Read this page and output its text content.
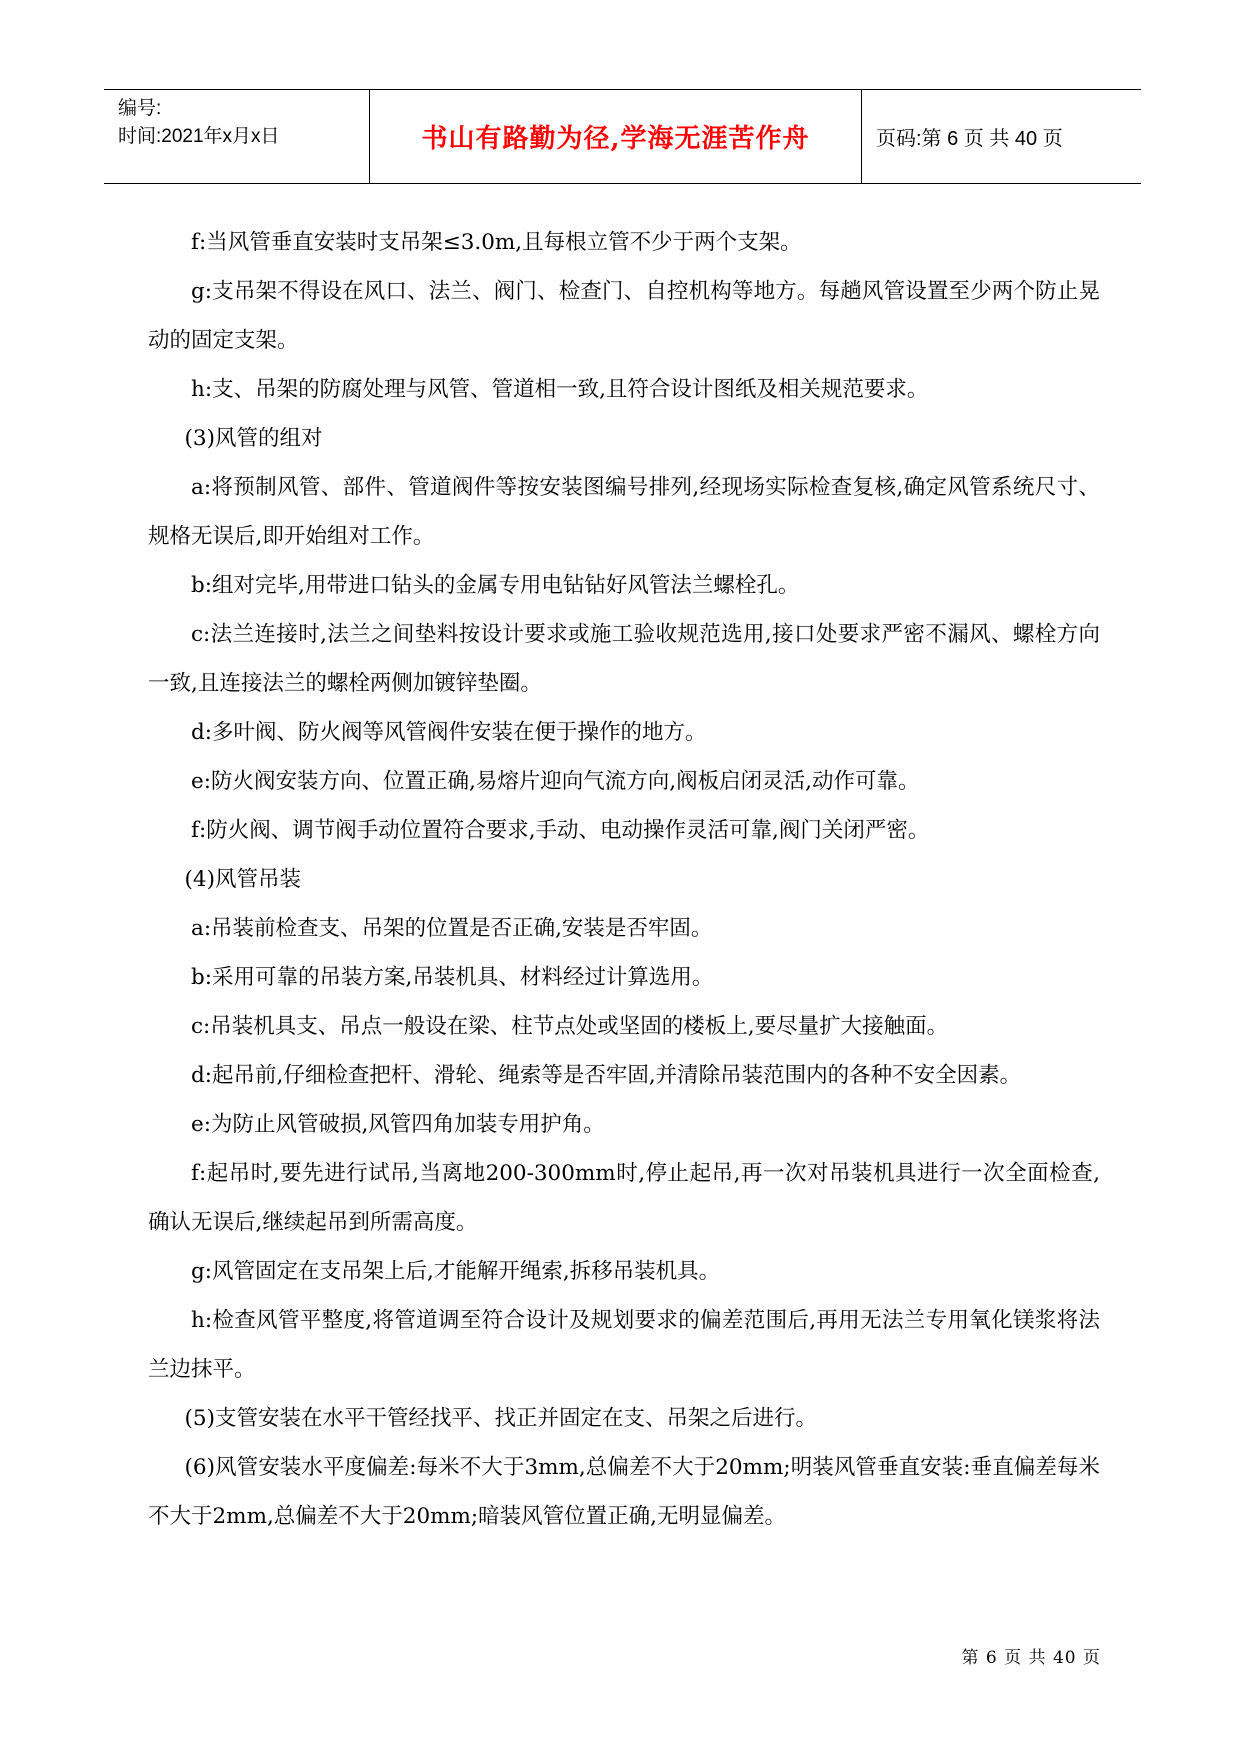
编号:
时间:2021年x月x日	书山有路勤为径,学海无涯苦作舟	页码:第 6 页 共 40 页

f:当风管垂直安装时支吊架≤3.0m,且每根立管不少于两个支架。

g:支吊架不得设在风口、法兰、阀门、检查门、自控机构等地方。每趟风管设置至少两个防止晃动的固定支架。

h:支、吊架的防腐处理与风管、管道相一致,且符合设计图纸及相关规范要求。

(3)风管的组对

a:将预制风管、部件、管道阀件等按安装图编号排列,经现场实际检查复核,确定风管系统尺寸、规格无误后,即开始组对工作。

b:组对完毕,用带进口钻头的金属专用电钻钻好风管法兰螺栓孔。

c:法兰连接时,法兰之间垫料按设计要求或施工验收规范选用,接口处要求严密不漏风、螺栓方向一致,且连接法兰的螺栓两侧加镀锌垫圈。

d:多叶阀、防火阀等风管阀件安装在便于操作的地方。

e:防火阀安装方向、位置正确,易熔片迎向气流方向,阀板启闭灵活,动作可靠。

f:防火阀、调节阀手动位置符合要求,手动、电动操作灵活可靠,阀门关闭严密。

(4)风管吊装

a:吊装前检查支、吊架的位置是否正确,安装是否牢固。

b:采用可靠的吊装方案,吊装机具、材料经过计算选用。

c:吊装机具支、吊点一般设在梁、柱节点处或坚固的楼板上,要尽量扩大接触面。

d:起吊前,仔细检查把杆、滑轮、绳索等是否牢固,并清除吊装范围内的各种不安全因素。

e:为防止风管破损,风管四角加装专用护角。

f:起吊时,要先进行试吊,当离地200-300mm时,停止起吊,再一次对吊装机具进行一次全面检查,确认无误后,继续起吊到所需高度。

g:风管固定在支吊架上后,才能解开绳索,拆移吊装机具。

h:检查风管平整度,将管道调至符合设计及规划要求的偏差范围后,再用无法兰专用氧化镁浆将法兰边抹平。

(5)支管安装在水平干管经找平、找正并固定在支、吊架之后进行。

(6)风管安装水平度偏差:每米不大于3mm,总偏差不大于20mm;明装风管垂直安装:垂直偏差每米不大于2mm,总偏差不大于20mm;暗装风管位置正确,无明显偏差。

第 6 页 共 40 页
